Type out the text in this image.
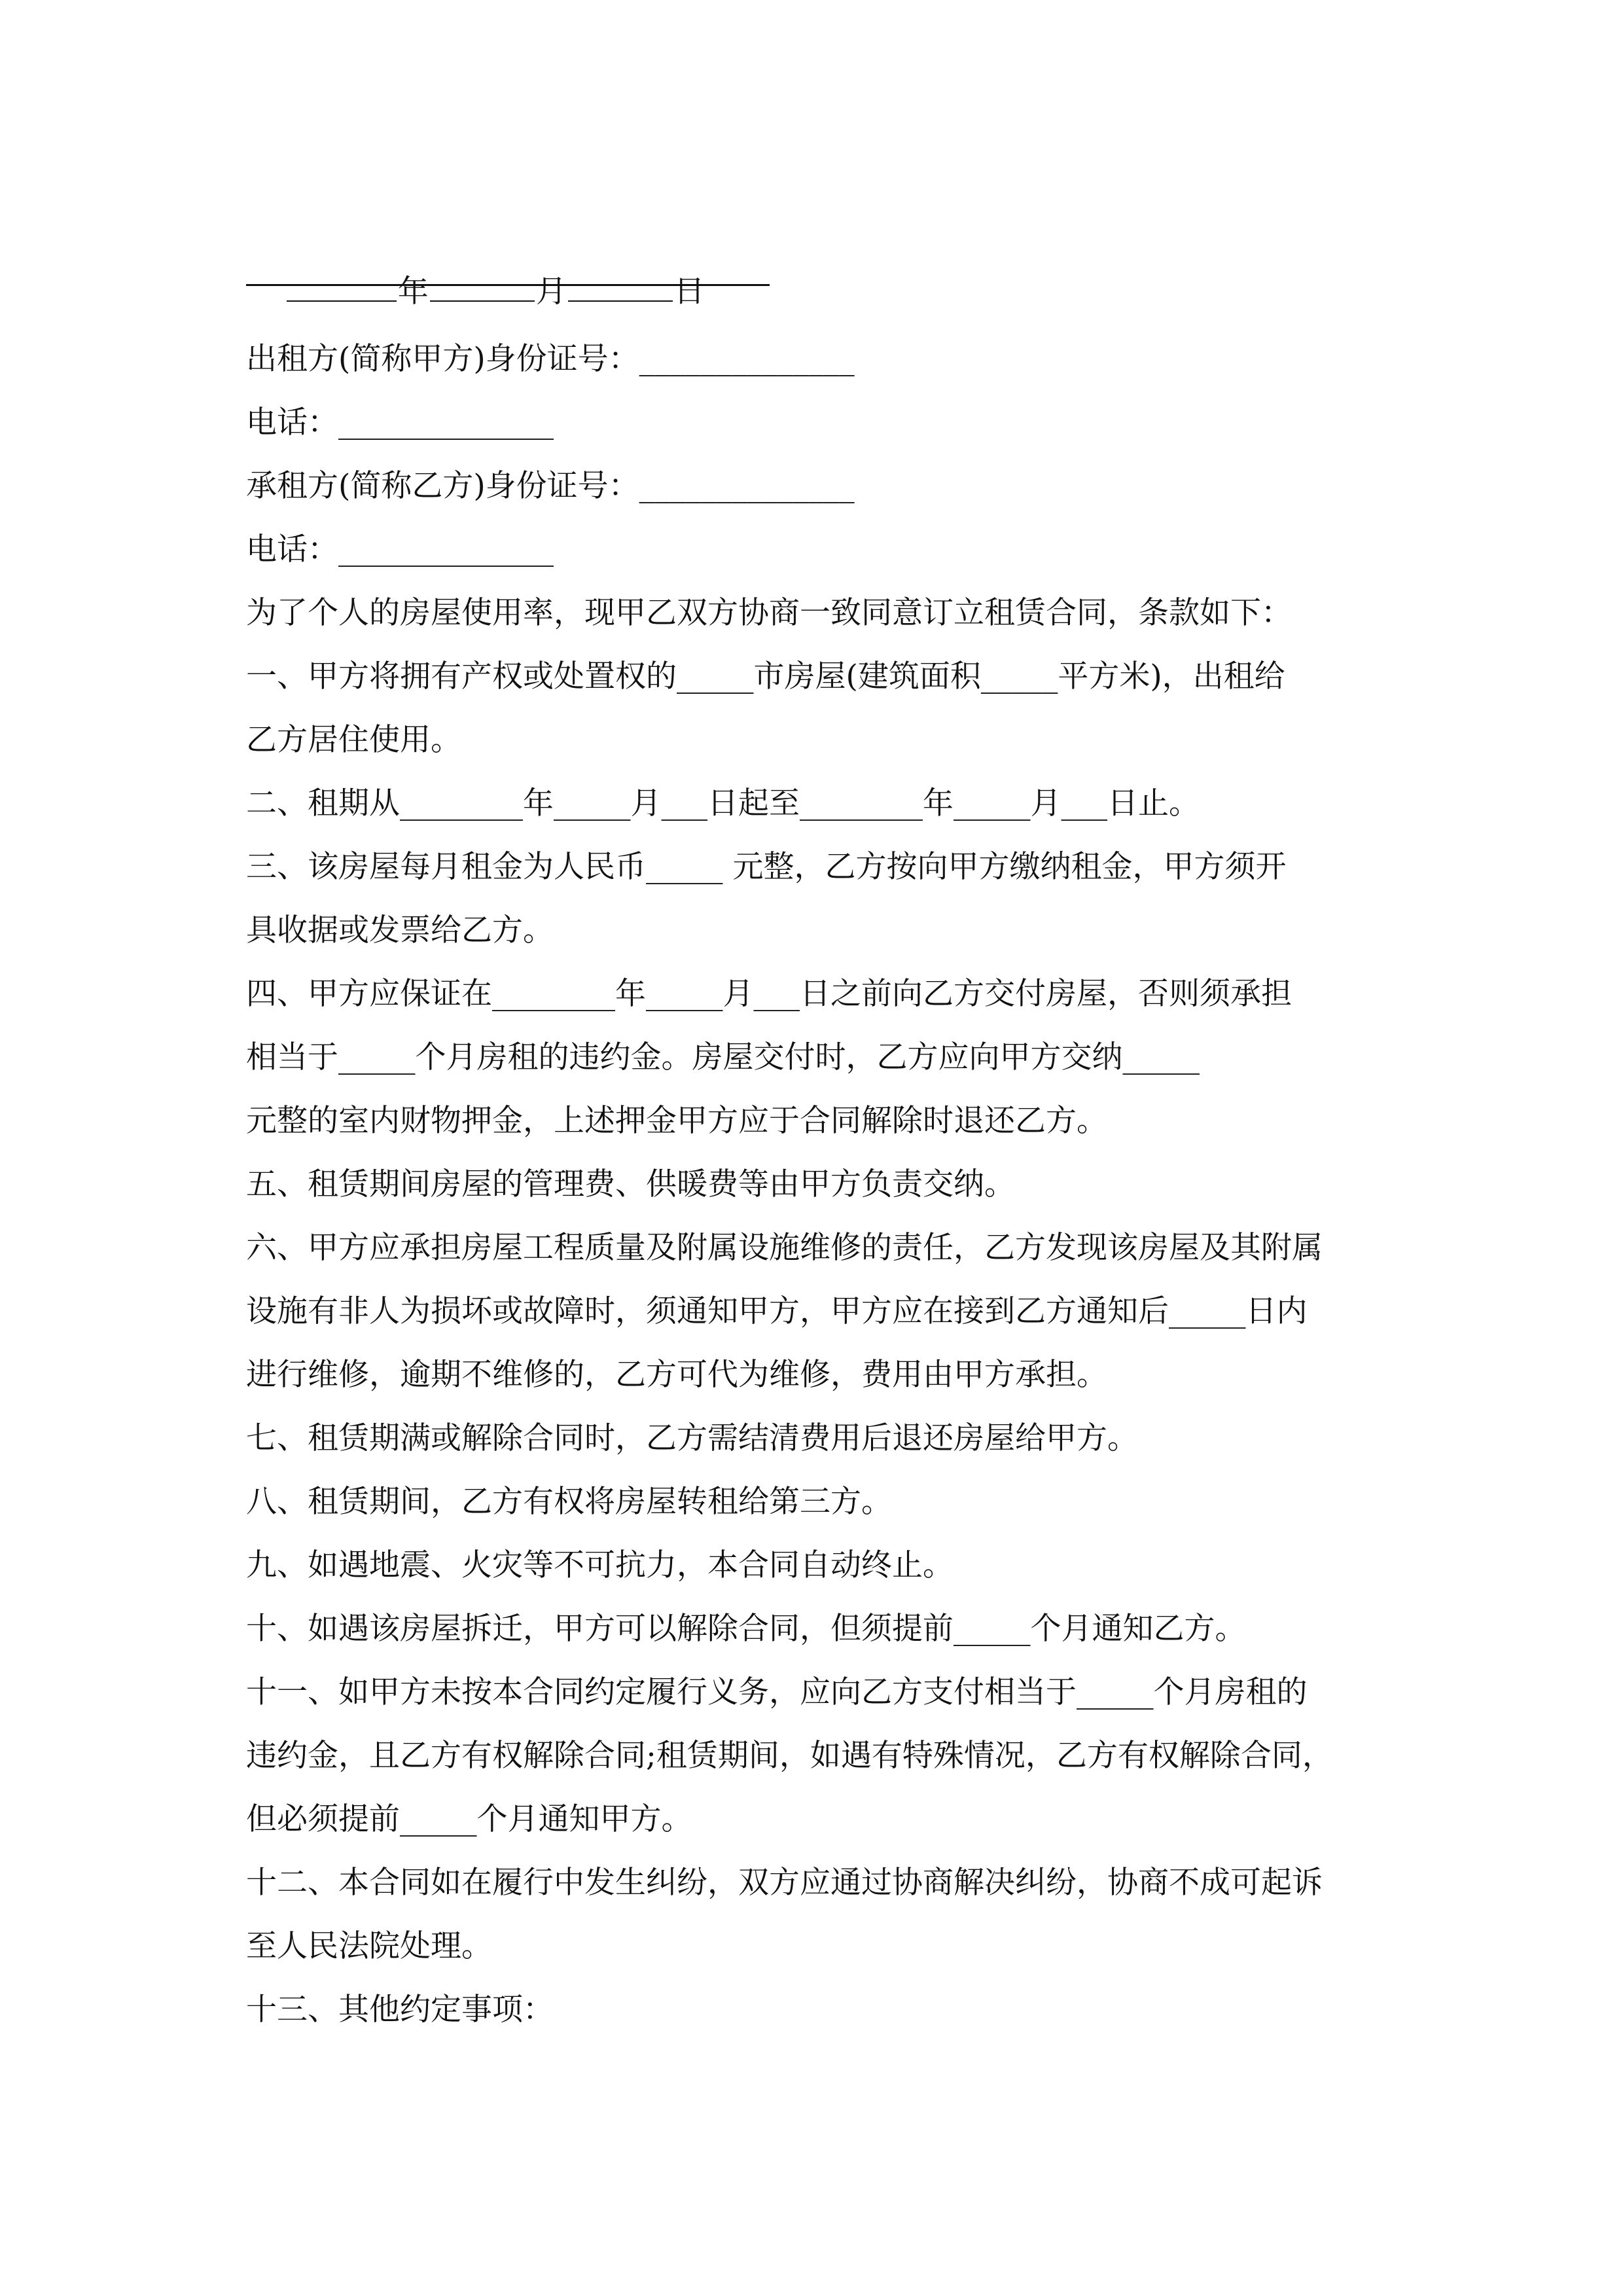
年	月	日

出租方(简称甲方)身份证号：______________
电话：______________
承租方(简称乙方)身份证号：______________
电话：______________
为了个人的房屋使用率，现甲乙双方协商一致同意订立租赁合同，条款如下：
一、甲方将拥有产权或处置权的_____市房屋(建筑面积_____平方米)，出租给
乙方居住使用。
二、租期从________年_____月___日起至________年_____月___日止。
三、该房屋每月租金为人民币_____ 元整，乙方按向甲方缴纳租金，甲方须开
具收据或发票给乙方。
四、甲方应保证在________年_____月___日之前向乙方交付房屋，否则须承担
相当于_____个月房租的违约金。房屋交付时，乙方应向甲方交纳_____
元整的室内财物押金，上述押金甲方应于合同解除时退还乙方。
五、租赁期间房屋的管理费、供暖费等由甲方负责交纳。
六、甲方应承担房屋工程质量及附属设施维修的责任，乙方发现该房屋及其附属
设施有非人为损坏或故障时，须通知甲方，甲方应在接到乙方通知后_____日内
进行维修，逾期不维修的，乙方可代为维修，费用由甲方承担。
七、租赁期满或解除合同时，乙方需结清费用后退还房屋给甲方。
八、租赁期间，乙方有权将房屋转租给第三方。
九、如遇地震、火灾等不可抗力，本合同自动终止。
十、如遇该房屋拆迁，甲方可以解除合同，但须提前_____个月通知乙方。
十一、如甲方未按本合同约定履行义务，应向乙方支付相当于_____个月房租的
违约金，且乙方有权解除合同;租赁期间，如遇有特殊情况，乙方有权解除合同，
但必须提前_____个月通知甲方。
十二、本合同如在履行中发生纠纷，双方应通过协商解决纠纷，协商不成可起诉
至人民法院处理。
十三、其他约定事项：
